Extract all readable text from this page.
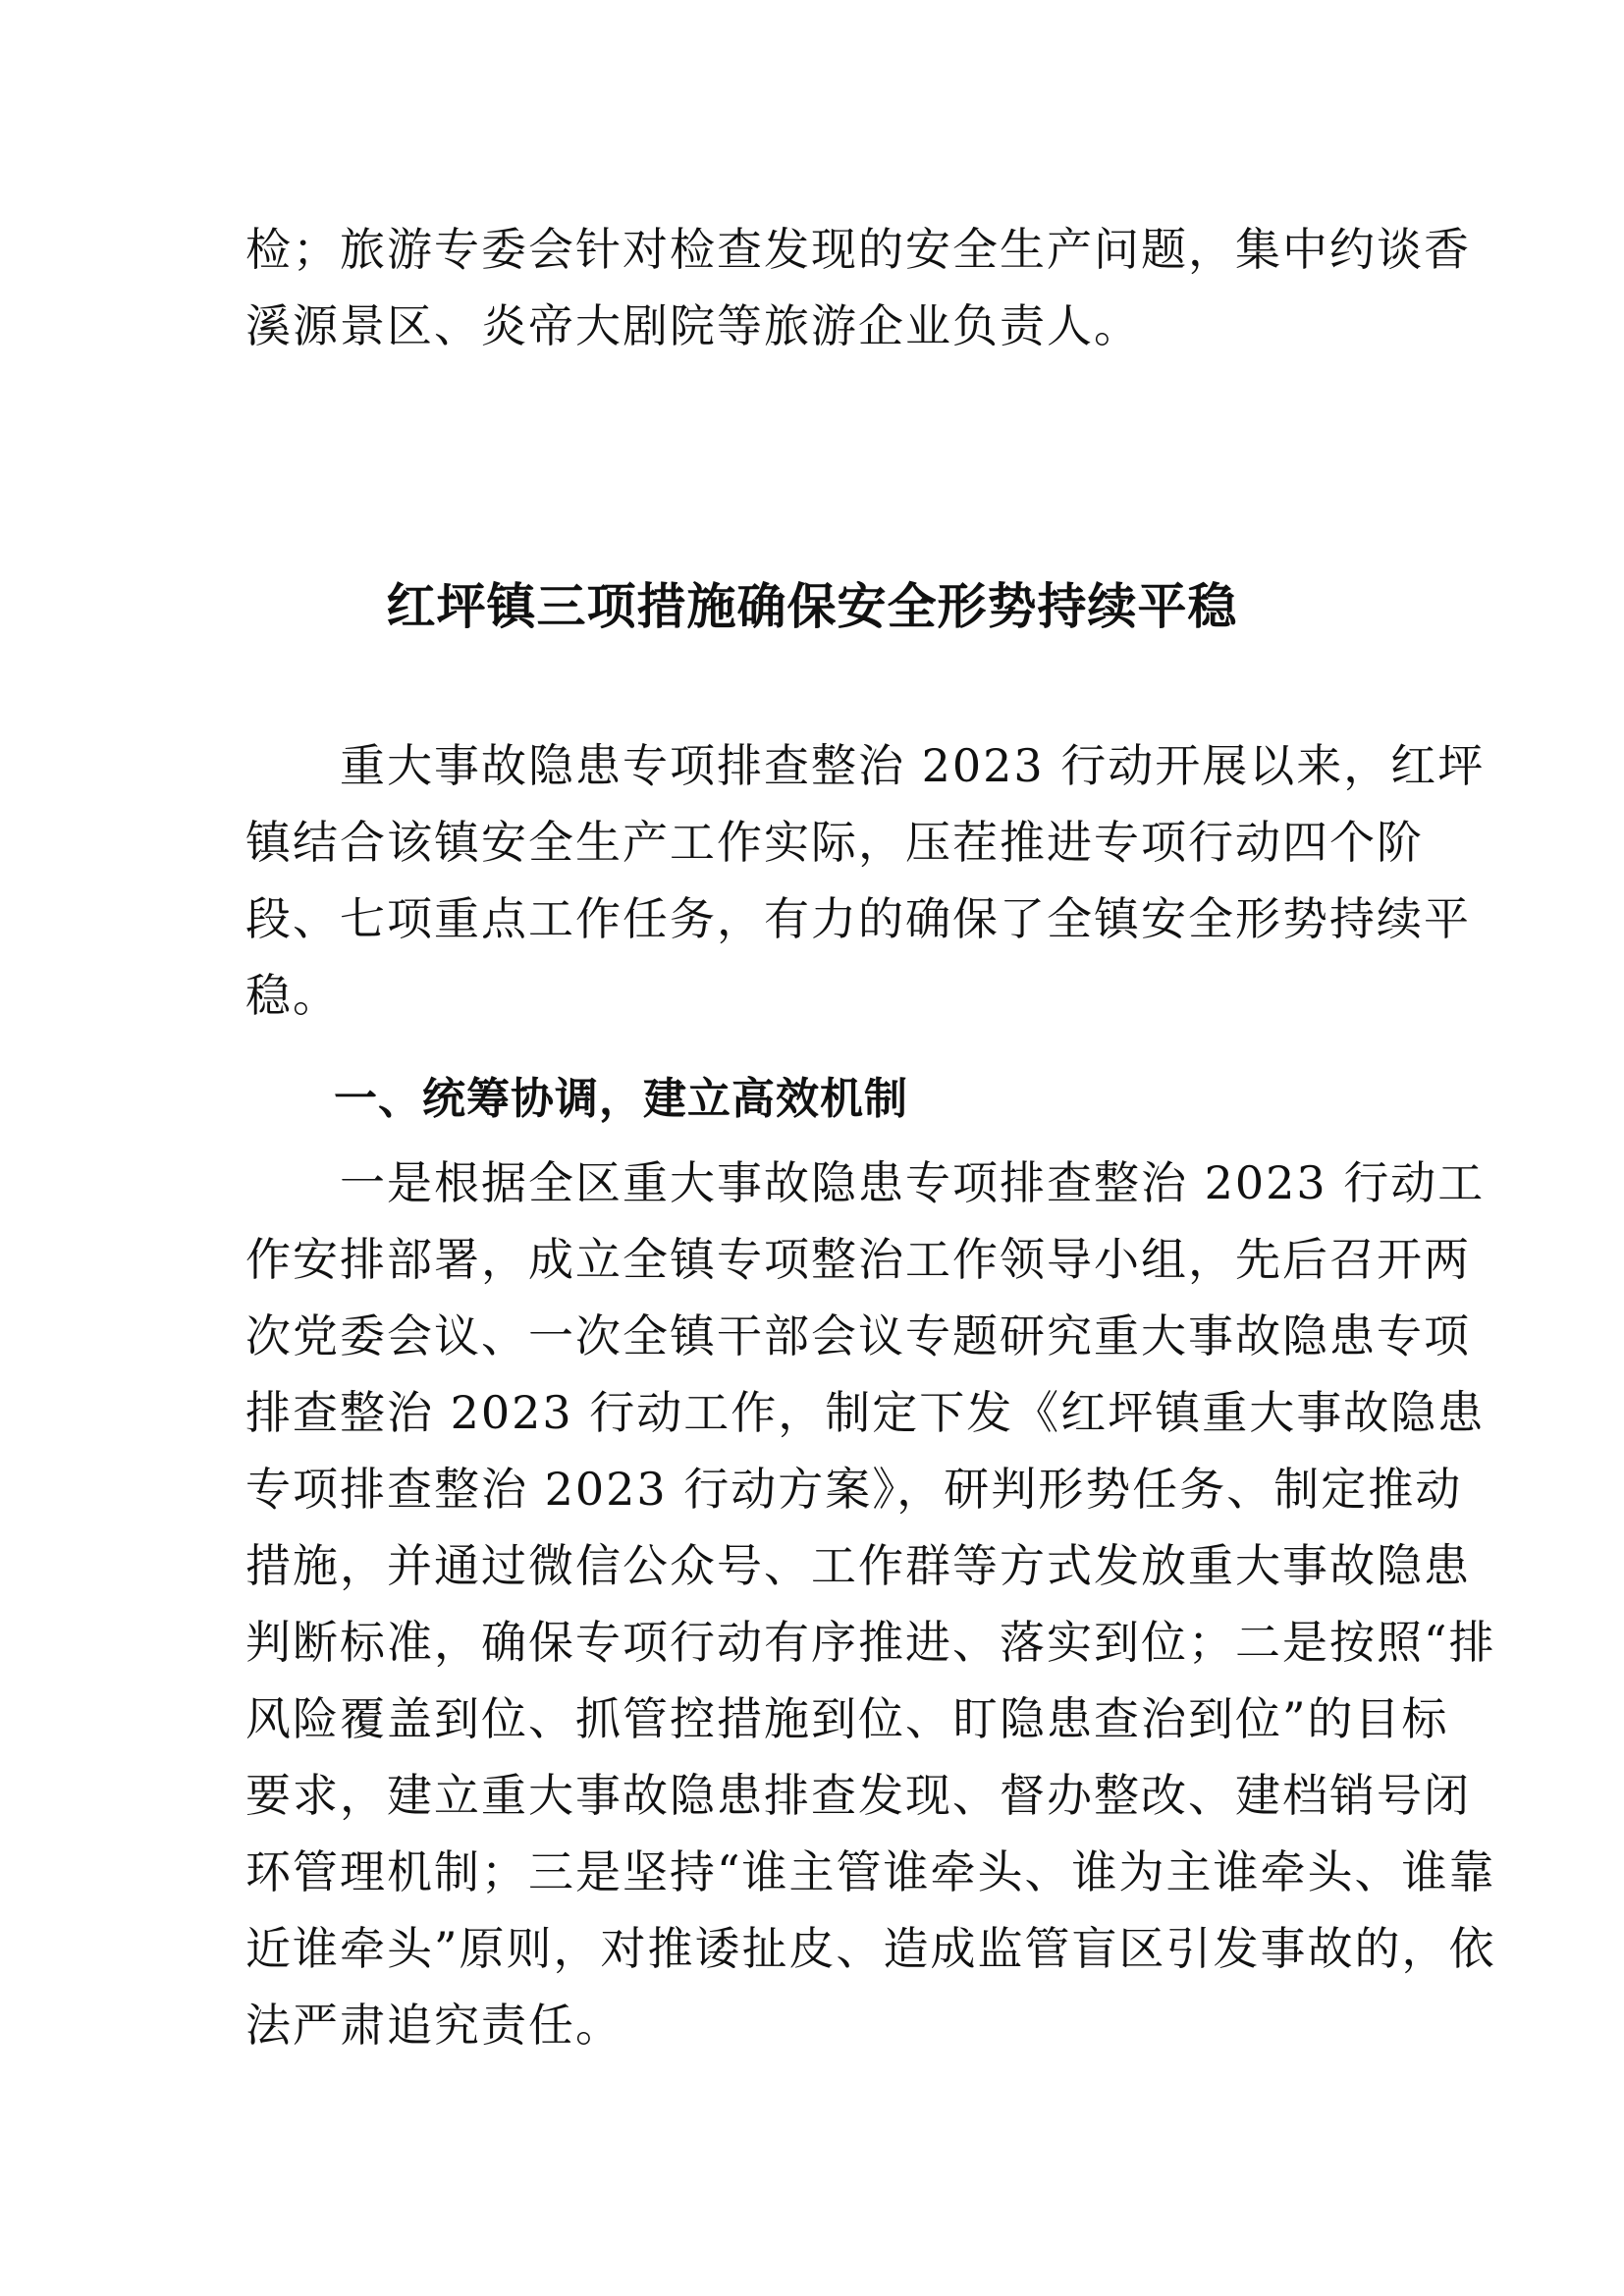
检；旅游专委会针对检查发现的安全生产问题，集中约谈香
溪源景区、炎帝大剧院等旅游企业负责人。
红坪镇三项措施确保安全形势持续平稳
　　重大事故隐患专项排查整治 2023 行动开展以来，红坪
镇结合该镇安全生产工作实际，压茬推进专项行动四个阶
段、七项重点工作任务，有力的确保了全镇安全形势持续平
稳。
一、统筹协调，建立高效机制
　　一是根据全区重大事故隐患专项排查整治 2023 行动工
作安排部署，成立全镇专项整治工作领导小组，先后召开两
次党委会议、一次全镇干部会议专题研究重大事故隐患专项
排查整治 2023 行动工作，制定下发《红坪镇重大事故隐患
专项排查整治 2023 行动方案》，研判形势任务、制定推动
措施，并通过微信公众号、工作群等方式发放重大事故隐患
判断标准，确保专项行动有序推进、落实到位；二是按照“排
风险覆盖到位、抓管控措施到位、盯隐患查治到位”的目标
要求，建立重大事故隐患排查发现、督办整改、建档销号闭
环管理机制；三是坚持“谁主管谁牵头、谁为主谁牵头、谁靠
近谁牵头”原则，对推诿扯皮、造成监管盲区引发事故的，依
法严肃追究责任。
